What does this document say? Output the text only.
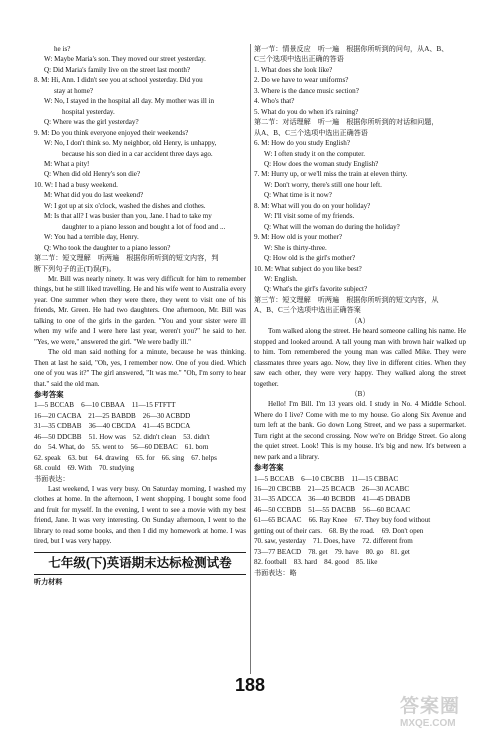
he is?

W: Maybe Maria's son. They moved our street yesterday.

Q: Did Maria's family live on the street last month?

8. M: Hi, Ann. I didn't see you at school yesterday. Did you

stay at home?

W: No, I stayed in the hospital all day. My mother was ill in

hospital yesterday.

Q: Where was the girl yesterday?

9. M: Do you think everyone enjoyed their weekends?

W: No, I don't think so. My neighbor, old Henry, is unhappy,

because his son died in a car accident three days ago.

M: What a pity!

Q: When did old Henry's son die?

10. W: I had a busy weekend.

M: What did you do last weekend?

W: I got up at six o'clock, washed the dishes and clothes.

M: Is that all? I was busier than you, Jane. I had to take my

daughter to a piano lesson and bought a lot of food and ...

W: You had a terrible day, Henry.

Q: Who took the daughter to a piano lesson?

第二节：短文理解　听两遍　根据你所听到的短文内容，判

断下列句子的正(T)误(F)。

Mr. Bill was nearly ninety. It was very difficult for him to remember things, but he still liked travelling. He and his wife went to Australia every year. One summer when they were there, they went to visit one of his friends, Mr. Green. He had two daughters. One afternoon, Mr. Bill was talking to one of the girls in the garden. "You and your sister were ill when my wife and I were here last year, weren't you?" he said to her. "Yes, we were," answered the girl. "We were badly ill."

The old man said nothing for a minute, because he was thinking. Then at last he said, "Oh, yes, I remember now. One of you died. Which one of you was it?" The girl answered, "It was me." "Oh, I'm sorry to hear that." said the old man.

参考答案

1—5 BCCAB　6—10 CBBAA　11—15 FTFTT

16—20 CACBA　21—25 BABDB　26—30 ACBDD

31—35 CDBAB　36—40 CBCDA　41—45 BCDCA

46—50 DDCBB　51. How was　52. didn't clean　53. didn't

do　54. What, do　55. went to　56—60 DEBAC　61. born

62. speak　63. but　64. drawing　65. for　66. sing　67. helps

68. could　69. With　70. studying

书面表达：

Last weekend, I was very busy. On Saturday morning, I washed my clothes at home. In the afternoon, I went shopping. I bought some food and fruit for myself. In the evening, I went to see a movie with my best friend, Jane. It was very interesting. On Sunday afternoon, I went to the library to read some books, and then I did my homework at home. I was tired, but I was very happy.

七年级(下)英语期末达标检测试卷

听力材料

第一节：情景反应　听一遍　根据你所听到的问句，从A、B、

C三个选项中选出正确的答语

1. What does she look like?

2. Do we have to wear uniforms?

3. Where is the dance music section?

4. Who's that?

5. What do you do when it's raining?

第二节：对话理解　听一遍　根据你所听到的对话和问题，

从A、B、C三个选项中选出正确答语

6. M: How do you study English?

W: I often study it on the computer.

Q: How does the woman study English?

7. M: Hurry up, or we'll miss the train at eleven thirty.

W: Don't worry, there's still one hour left.

Q: What time is it now?

8. M: What will you do on your holiday?

W: I'll visit some of my friends.

Q: What will the woman do during the holiday?

9. M: How old is your mother?

W: She is thirty-three.

Q: How old is the girl's mother?

10. M: What subject do you like best?

W: English.

Q: What's the girl's favorite subject?

第三节：短文理解　听两遍　根据你所听到的短文内容，从

A、B、C三个选项中选出正确答案

（A）

Tom walked along the street. He heard someone calling his name. He stopped and looked around. A tall young man with brown hair walked up to him. Tom remembered the young man was called Mike. They were classmates three years ago. Now, they live in different cities. When they saw each other, they were very happy. They walked along the street together.

（B）

Hello! I'm Bill. I'm 13 years old. I study in No. 4 Middle School. Where do I live? Come with me to my house. Go along Six Avenue and turn left at the bank. Go down Long Street, and we pass a supermarket. Turn right at the second crossing. Now we're on Bridge Street. Go along the quiet street. Look! This is my house. It's big and new. It's between a new park and a library.

参考答案

1—5 BCCAB　6—10 CBCBB　11—15 CBBAC

16—20 CBCBB　21—25 BCACB　26—30 ACABC

31—35 ADCCA　36—40 BCBDB　41—45 DBADB

46—50 CCBDB　51—55 DACBB　56—60 BCAAC

61—65 BCAAC　66. Ray Knee　67. They buy food without

getting out of their cars.　68. By the road.　69. Don't open

70. saw, yesterday　71. Does, have　72. different from

73—77 BEACD　78. get　79. have　80. go　81. get

82. football　83. hard　84. good　85. like

书面表达：略

188
答案圈
MXQE.COM
